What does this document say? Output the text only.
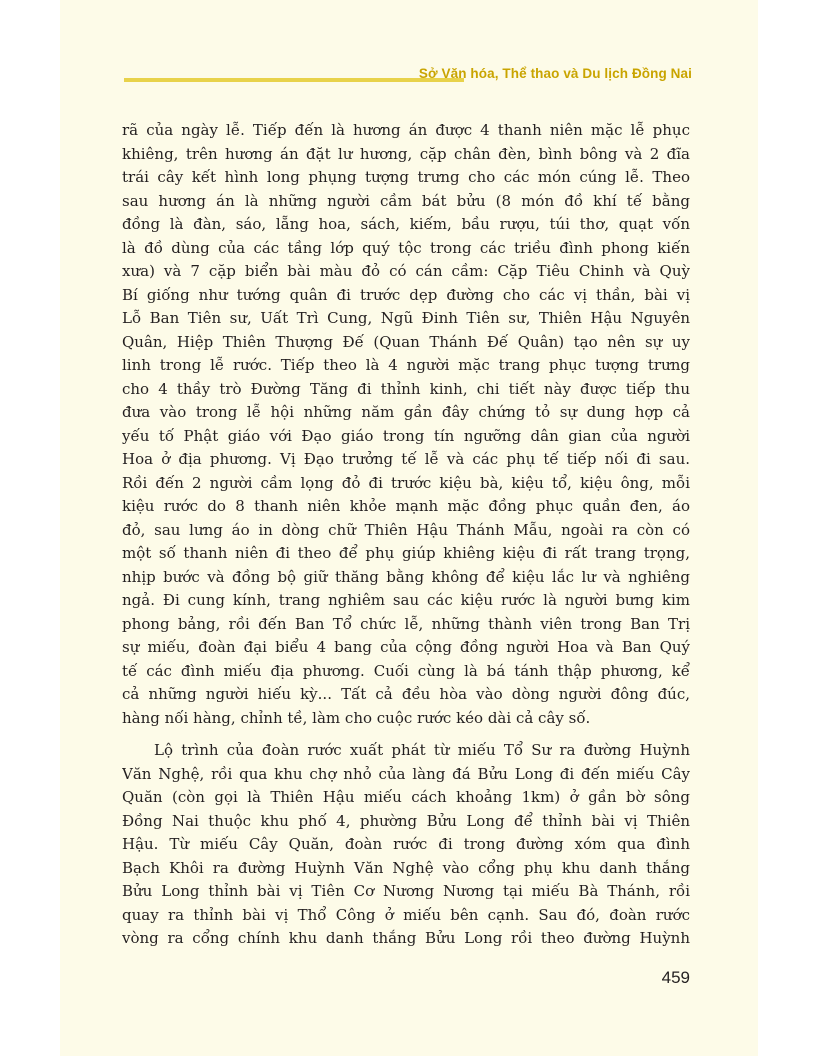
Sở Văn hóa, Thể thao và Du lịch Đồng Nai

rã của ngày lễ. Tiếp đến là hương án được 4 thanh niên mặc lễ phục
khiêng, trên hương án đặt lư hương, cặp chân đèn, bình bông và 2 đĩa
trái cây kết hình long phụng tượng trưng cho các món cúng lễ. Theo
sau hương án là những người cầm bát bửu (8 món đồ khí tế bằng
đồng là đàn, sáo, lẵng hoa, sách, kiếm, bầu rượu, túi thơ, quạt vốn
là đồ dùng của các tầng lớp quý tộc trong các triều đình phong kiến
xưa) và 7 cặp biển bài màu đỏ có cán cầm: Cặp Tiêu Chinh và Quỳ
Bí giống như tướng quân đi trước dẹp đường cho các vị thần, bài vị
Lỗ Ban Tiên sư, Uất Trì Cung, Ngũ Đinh Tiên sư, Thiên Hậu Nguyên
Quân, Hiệp Thiên Thượng Đế (Quan Thánh Đế Quân) tạo nên sự uy
linh trong lễ rước. Tiếp theo là 4 người mặc trang phục tượng trưng
cho 4 thầy trò Đường Tăng đi thỉnh kinh, chi tiết này được tiếp thu
đưa vào trong lễ hội những năm gần đây chứng tỏ sự dung hợp cả
yếu tố Phật giáo với Đạo giáo trong tín ngưỡng dân gian của người
Hoa ở địa phương. Vị Đạo trưởng tế lễ và các phụ tế tiếp nối đi sau.
Rồi đến 2 người cầm lọng đỏ đi trước kiệu bà, kiệu tổ, kiệu ông, mỗi
kiệu rước do 8 thanh niên khỏe mạnh mặc đồng phục quần đen, áo
đỏ, sau lưng áo in dòng chữ Thiên Hậu Thánh Mẫu, ngoài ra còn có
một số thanh niên đi theo để phụ giúp khiêng kiệu đi rất trang trọng,
nhịp bước và đồng bộ giữ thăng bằng không để kiệu lắc lư và nghiêng
ngả. Đi cung kính, trang nghiêm sau các kiệu rước là người bưng kim
phong bảng, rồi đến Ban Tổ chức lễ, những thành viên trong Ban Trị
sự miếu, đoàn đại biểu 4 bang của cộng đồng người Hoa và Ban Quý
tế các đình miếu địa phương. Cuối cùng là bá tánh thập phương, kể
cả những người hiếu kỳ... Tất cả đều hòa vào dòng người đông đúc,
hàng nối hàng, chỉnh tề, làm cho cuộc rước kéo dài cả cây số.

Lộ trình của đoàn rước xuất phát từ miếu Tổ Sư ra đường Huỳnh
Văn Nghệ, rồi qua khu chợ nhỏ của làng đá Bửu Long đi đến miếu Cây
Quăn (còn gọi là Thiên Hậu miếu cách khoảng 1km) ở gần bờ sông
Đồng Nai thuộc khu phố 4, phường Bửu Long để thỉnh bài vị Thiên
Hậu. Từ miếu Cây Quăn, đoàn rước đi trong đường xóm qua đình
Bạch Khôi ra đường Huỳnh Văn Nghệ vào cổng phụ khu danh thắng
Bửu Long thỉnh bài vị Tiên Cơ Nương Nương tại miếu Bà Thánh, rồi
quay ra thỉnh bài vị Thổ Công ở miếu bên cạnh. Sau đó, đoàn rước
vòng ra cổng chính khu danh thắng Bửu Long rồi theo đường Huỳnh

459
